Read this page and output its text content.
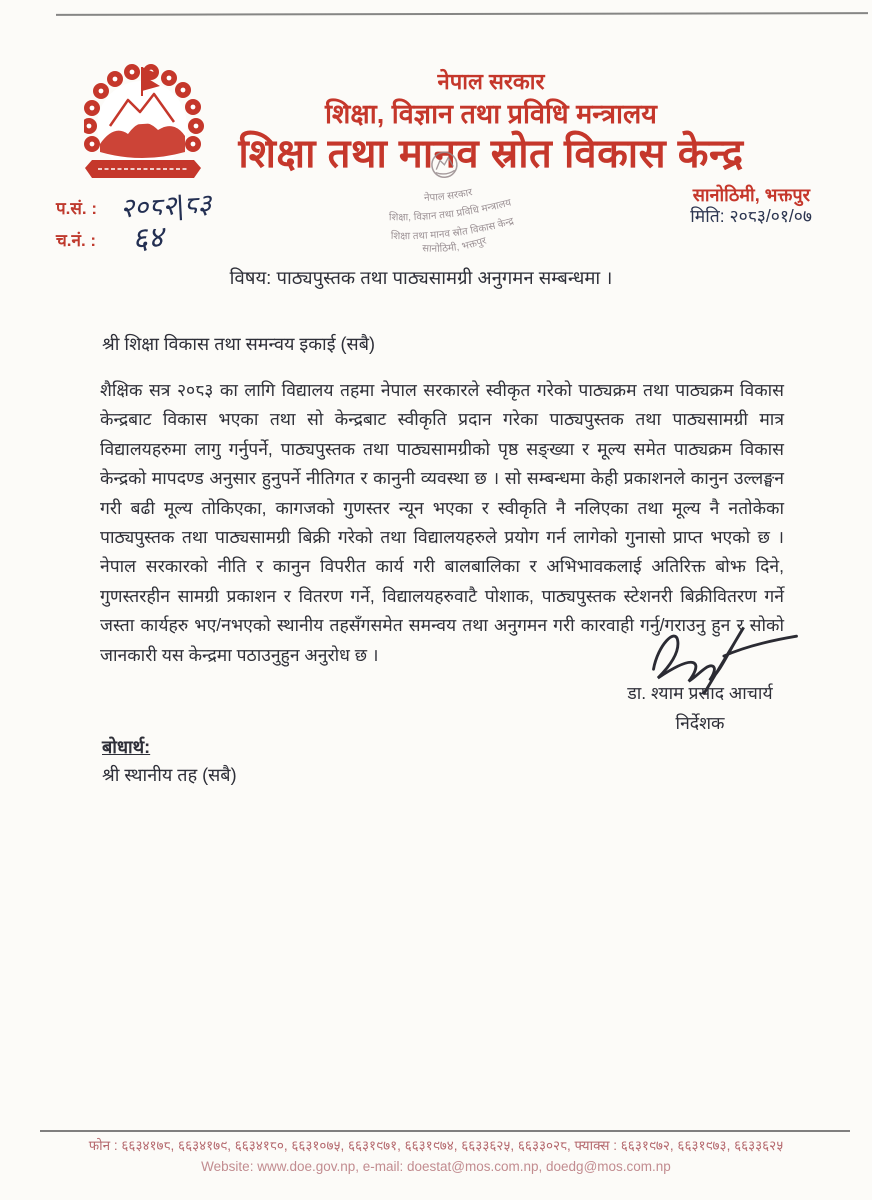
नेपाल सरकार
शिक्षा, विज्ञान तथा प्रविधि मन्त्रालय
शिक्षा तथा मानव स्रोत विकास केन्द्र
नेपाल सरकार
शिक्षा, विज्ञान तथा प्रविधि मन्त्रालय
शिक्षा तथा मानव स्रोत विकास केन्द्र
सानोठिमी, भक्तपुर
प.सं. : २०८२|८३
च.नं. : ६४
सानोठिमी, भक्तपुर
मिति: २०८३/०१/०७
विषय: पाठ्यपुस्तक तथा पाठ्यसामग्री अनुगमन सम्बन्धमा ।
श्री शिक्षा विकास तथा समन्वय इकाई (सबै)

शैक्षिक सत्र २०८३ का लागि विद्यालय तहमा नेपाल सरकारले स्वीकृत गरेको पाठ्यक्रम तथा पाठ्यक्रम विकास केन्द्रबाट विकास भएका तथा सो केन्द्रबाट स्वीकृति प्रदान गरेका पाठ्यपुस्तक तथा पाठ्यसामग्री मात्र विद्यालयहरुमा लागु गर्नुपर्ने, पाठ्यपुस्तक तथा पाठ्यसामग्रीको पृष्ठ सङ्ख्या र मूल्य समेत पाठ्यक्रम विकास केन्द्रको मापदण्ड अनुसार हुनुपर्ने नीतिगत र कानुनी व्यवस्था छ । सो सम्बन्धमा केही प्रकाशनले कानुन उल्लङ्घन गरी बढी मूल्य तोकिएका, कागजको गुणस्तर न्यून भएका र स्वीकृति नै नलिएका तथा मूल्य नै नतोकेका पाठ्यपुस्तक तथा पाठ्यसामग्री बिक्री गरेको तथा विद्यालयहरुले प्रयोग गर्न लागेको गुनासो प्राप्त भएको छ । नेपाल सरकारको नीति र कानुन विपरीत कार्य गरी बालबालिका र अभिभावकलाई अतिरिक्त बोझ दिने, गुणस्तरहीन सामग्री प्रकाशन र वितरण गर्ने, विद्यालयहरुवाटै पोशाक, पाठ्यपुस्तक स्टेशनरी बिक्रीवितरण गर्ने जस्ता कार्यहरु भए/नभएको स्थानीय तहसँगसमेत समन्वय तथा अनुगमन गरी कारवाही गर्नु/गराउनु हुन र सोको जानकारी यस केन्द्रमा पठाउनुहुन अनुरोध छ ।

डा. श्याम प्रसाद आचार्य
निर्देशक
बोधार्थ:
श्री स्थानीय तह (सबै)
फोन : ६६३४१७८, ६६३४१७९, ६६३४१८०, ६६३१०७५, ६६३१९७१, ६६३१९७४, ६६३३६२५, ६६३३०२८, फ्याक्स : ६६३१९७२, ६६३१९७३, ६६३३६२५
Website: www.doe.gov.np, e-mail: doestat@mos.com.np, doedg@mos.com.np
